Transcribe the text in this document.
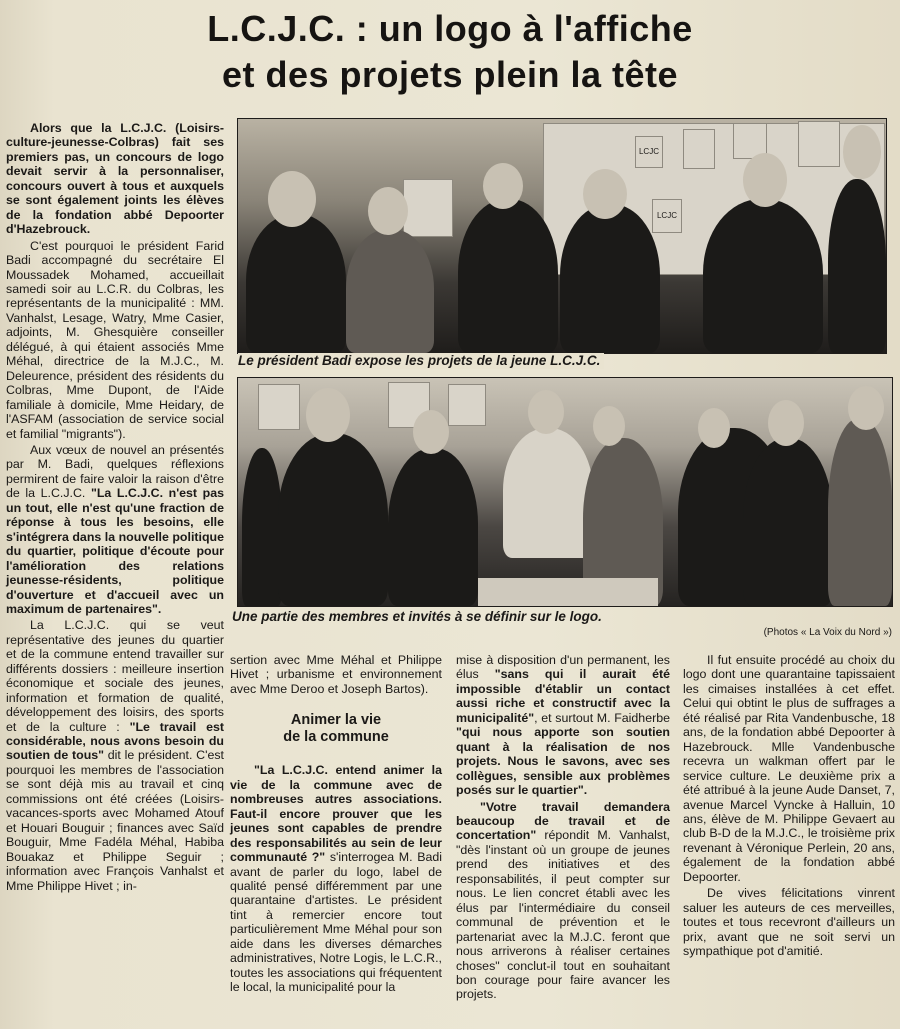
L.C.J.C. : un logo à l'affiche
et des projets plein la tête

Alors que la L.C.J.C. (Loisirs-culture-jeunesse-Colbras) fait ses premiers pas, un concours de logo devait servir à la personnaliser, concours ouvert à tous et auxquels se sont également joints les élèves de la fondation abbé Depoorter d'Hazebrouck.

C'est pourquoi le président Farid Badi accompagné du secrétaire El Moussadek Mohamed, accueillait samedi soir au L.C.R. du Colbras, les représentants de la municipalité : MM. Vanhalst, Lesage, Watry, Mme Casier, adjoints, M. Ghesquière conseiller délégué, à qui étaient associés Mme Méhal, directrice de la M.J.C., M. Deleurence, président des résidents du Colbras, Mme Dupont, de l'Aide familiale à domicile, Mme Heidary, de l'ASFAM (association de service social et familial "migrants").

Aux vœux de nouvel an présentés par M. Badi, quelques réflexions permirent de faire valoir la raison d'être de la L.C.J.C. "La L.C.J.C. n'est pas un tout, elle n'est qu'une fraction de réponse à tous les besoins, elle s'intégrera dans la nouvelle politique du quartier, politique d'écoute pour l'amélioration des relations jeunesse-résidents, politique d'ouverture et d'accueil avec un maximum de partenaires".

La L.C.J.C. qui se veut représentative des jeunes du quartier et de la commune entend travailler sur différents dossiers : meilleure insertion économique et sociale des jeunes, information et formation de qualité, développement des loisirs, des sports et de la culture : "Le travail est considérable, nous avons besoin du soutien de tous" dit le président. C'est pourquoi les membres de l'association se sont déjà mis au travail et cinq commissions ont été créées (Loisirs-vacances-sports avec Mohamed Atouf et Houari Bouguir ; finances avec Saïd Bouguir, Mme Fadéla Méhal, Habiba Bouakaz et Philippe Seguir ; information avec François Vanhalst et Mme Philippe Hivet ; in-

LCJC
LCJC
Le président Badi expose les projets de la jeune L.C.J.C.
Une partie des membres et invités à se définir sur le logo.
(Photos « La Voix du Nord »)

sertion avec Mme Méhal et Philippe Hivet ; urbanisme et environnement avec Mme Deroo et Joseph Bartos).

Animer la vie
de la commune

"La L.C.J.C. entend animer la vie de la commune avec de nombreuses autres associations. Faut-il encore prouver que les jeunes sont capables de prendre des responsabilités au sein de leur communauté ?" s'interrogea M. Badi avant de parler du logo, label de qualité pensé différemment par une quarantaine d'artistes. Le président tint à remercier encore tout particulièrement Mme Méhal pour son aide dans les diverses démarches administratives, Notre Logis, le L.C.R., toutes les associations qui fréquentent le local, la municipalité pour la

mise à disposition d'un permanent, les élus "sans qui il aurait été impossible d'établir un contact aussi riche et constructif avec la municipalité", et surtout M. Faidherbe "qui nous apporte son soutien quant à la réalisation de nos projets. Nous le savons, avec ses collègues, sensible aux problèmes posés sur le quartier".

"Votre travail demandera beaucoup de travail et de concertation" répondit M. Vanhalst, "dès l'instant où un groupe de jeunes prend des initiatives et des responsabilités, il peut compter sur nous. Le lien concret établi avec les élus par l'intermédiaire du conseil communal de prévention et le partenariat avec la M.J.C. feront que nous arriverons à réaliser certaines choses" conclut-il tout en souhaitant bon courage pour faire avancer les projets.

Il fut ensuite procédé au choix du logo dont une quarantaine tapissaient les cimaises installées à cet effet. Celui qui obtint le plus de suffrages a été réalisé par Rita Vandenbusche, 18 ans, de la fondation abbé Depoorter à Hazebrouck. Mlle Vandenbusche recevra un walkman offert par le service culture. Le deuxième prix a été attribué à la jeune Aude Danset, 7, avenue Marcel Vyncke à Halluin, 10 ans, élève de M. Philippe Gevaert au club B-D de la M.J.C., le troisième prix revenant à Véronique Perlein, 20 ans, également de la fondation abbé Depoorter.

De vives félicitations vinrent saluer les auteurs de ces merveilles, toutes et tous recevront d'ailleurs un prix, avant que ne soit servi un sympathique pot d'amitié.
